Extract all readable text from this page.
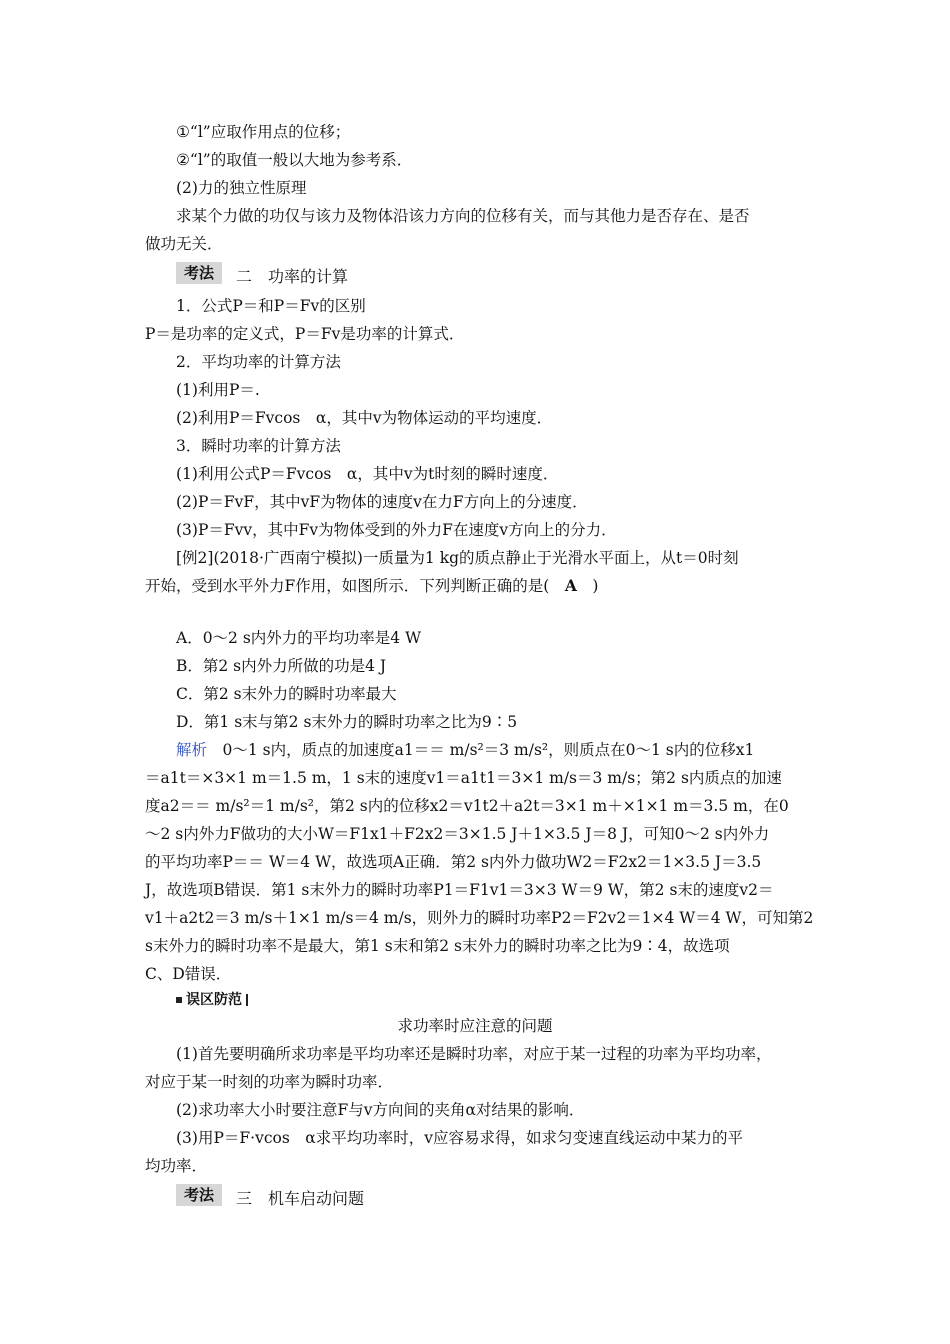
①“l”应取作用点的位移；
②“l”的取值一般以大地为参考系．
(2)力的独立性原理
求某个力做的功仅与该力及物体沿该力方向的位移有关，而与其他力是否存在、是否
做功无关．
考法	二　功率的计算
1．公式P＝和P＝Fv的区别
P＝是功率的定义式，P＝Fv是功率的计算式．
2．平均功率的计算方法
(1)利用P＝.
(2)利用P＝Fvcos　α，其中v为物体运动的平均速度．
3．瞬时功率的计算方法
(1)利用公式P＝Fvcos　α，其中v为t时刻的瞬时速度．
(2)P＝FvF，其中vF为物体的速度v在力F方向上的分速度．
(3)P＝Fvv，其中Fv为物体受到的外力F在速度v方向上的分力．
[例2](2018·广西南宁模拟)一质量为1 kg的质点静止于光滑水平面上，从t＝0时刻
开始，受到水平外力F作用，如图所示．下列判断正确的是(　A　)
A．0～2 s内外力的平均功率是4 W
B．第2 s内外力所做的功是4 J
C．第2 s末外力的瞬时功率最大
D．第1 s末与第2 s末外力的瞬时功率之比为9∶5
解析　0～1 s内，质点的加速度a1＝＝ m/s²＝3 m/s²，则质点在0～1 s内的位移x1
＝a1t＝×3×1 m＝1.5 m，1 s末的速度v1＝a1t1＝3×1 m/s＝3 m/s；第2 s内质点的加速
度a2＝＝ m/s²＝1 m/s²，第2 s内的位移x2＝v1t2＋a2t＝3×1 m＋×1×1 m＝3.5 m，在0
～2 s内外力F做功的大小W＝F1x1＋F2x2＝3×1.5 J＋1×3.5 J＝8 J，可知0～2 s内外力
的平均功率P＝＝ W＝4 W，故选项A正确．第2 s内外力做功W2＝F2x2＝1×3.5 J＝3.5
J，故选项B错误．第1 s末外力的瞬时功率P1＝F1v1＝3×3 W＝9 W，第2 s末的速度v2＝
v1＋a2t2＝3 m/s＋1×1 m/s＝4 m/s，则外力的瞬时功率P2＝F2v2＝1×4 W＝4 W，可知第2
s末外力的瞬时功率不是最大，第1 s末和第2 s末外力的瞬时功率之比为9∶4，故选项
C、D错误．
误区防范
求功率时应注意的问题
(1)首先要明确所求功率是平均功率还是瞬时功率，对应于某一过程的功率为平均功率，
对应于某一时刻的功率为瞬时功率．
(2)求功率大小时要注意F与v方向间的夹角α对结果的影响．
(3)用P＝F·vcos　α求平均功率时，v应容易求得，如求匀变速直线运动中某力的平
均功率．
考法	三　机车启动问题
